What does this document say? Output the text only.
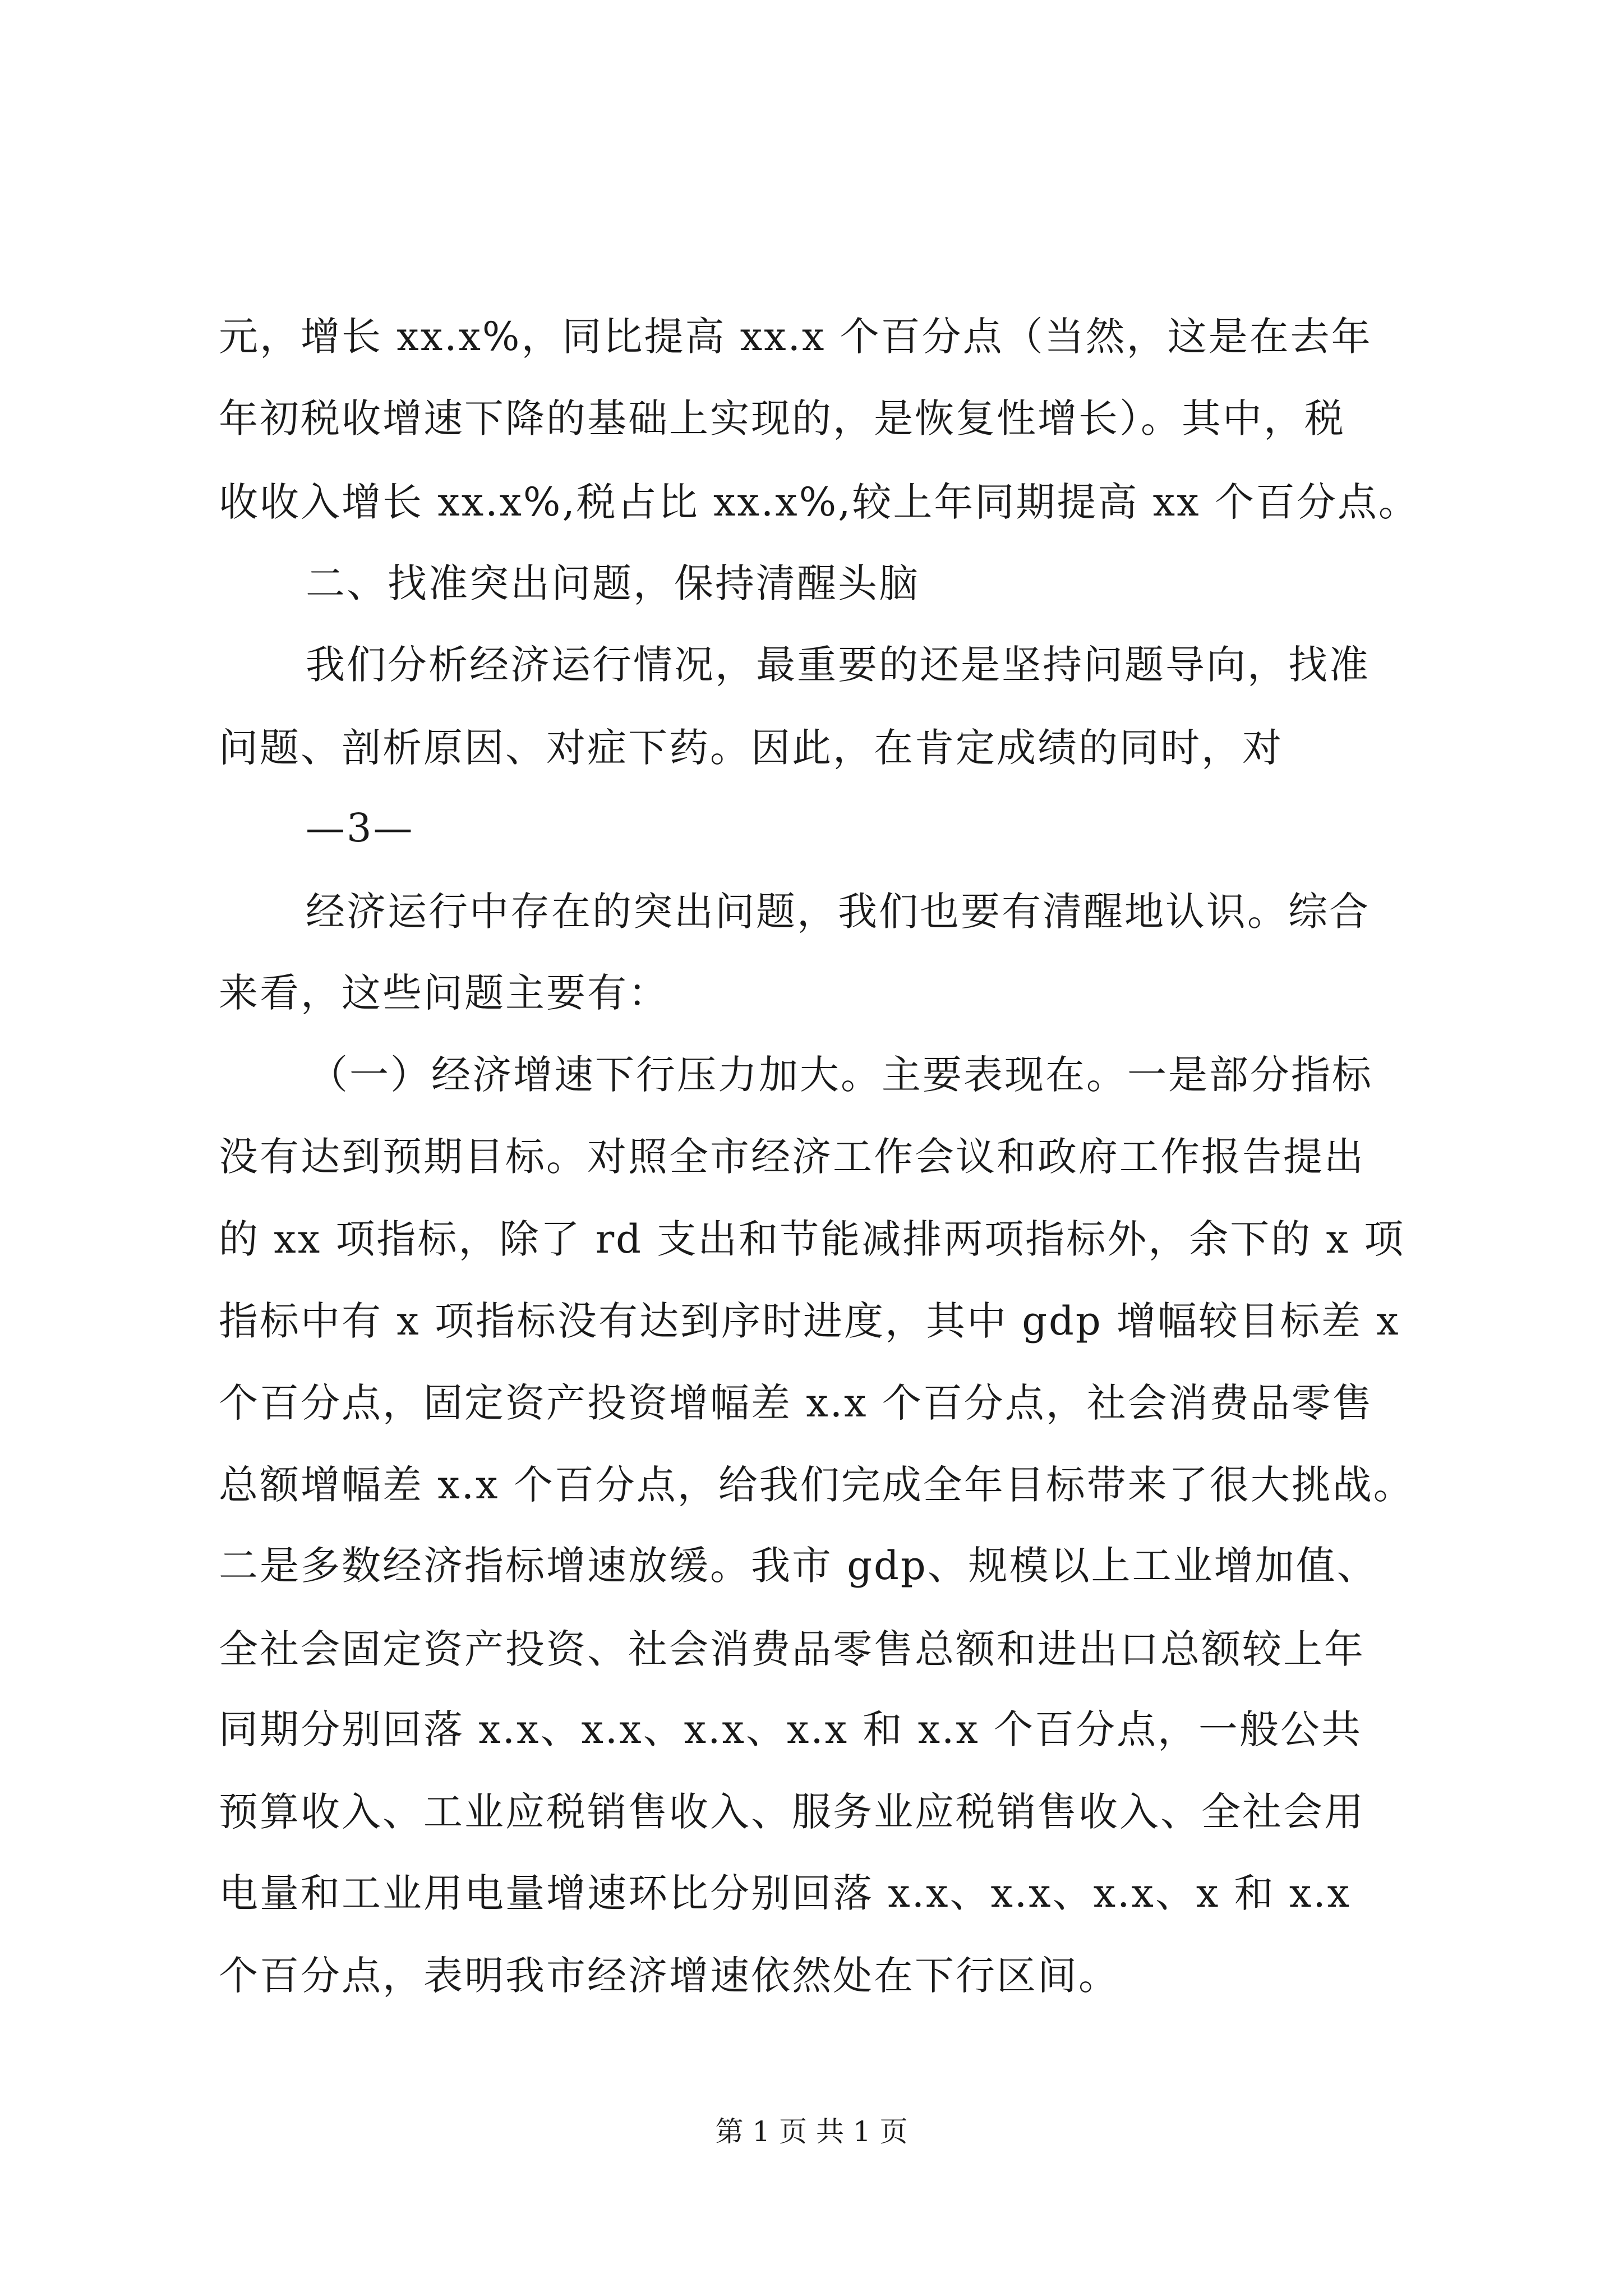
元，增长 xx.x%，同比提高 xx.x 个百分点（当然，这是在去年
年初税收增速下降的基础上实现的，是恢复性增长）。其中，税
收收入增长 xx.x%,税占比 xx.x%,较上年同期提高 xx 个百分点。
二、找准突出问题，保持清醒头脑
我们分析经济运行情况，最重要的还是坚持问题导向，找准
问题、剖析原因、对症下药。因此，在肯定成绩的同时，对
—3—
经济运行中存在的突出问题，我们也要有清醒地认识。综合
来看，这些问题主要有：
（一）经济增速下行压力加大。主要表现在。一是部分指标
没有达到预期目标。对照全市经济工作会议和政府工作报告提出
的 xx 项指标，除了 rd 支出和节能减排两项指标外，余下的 x 项
指标中有 x 项指标没有达到序时进度，其中 gdp 增幅较目标差 x
个百分点，固定资产投资增幅差 x.x 个百分点，社会消费品零售
总额增幅差 x.x 个百分点，给我们完成全年目标带来了很大挑战。
二是多数经济指标增速放缓。我市 gdp、规模以上工业增加值、
全社会固定资产投资、社会消费品零售总额和进出口总额较上年
同期分别回落 x.x、x.x、x.x、x.x 和 x.x 个百分点，一般公共
预算收入、工业应税销售收入、服务业应税销售收入、全社会用
电量和工业用电量增速环比分别回落 x.x、x.x、x.x、x 和 x.x
个百分点，表明我市经济增速依然处在下行区间。
第 1 页 共 1 页
